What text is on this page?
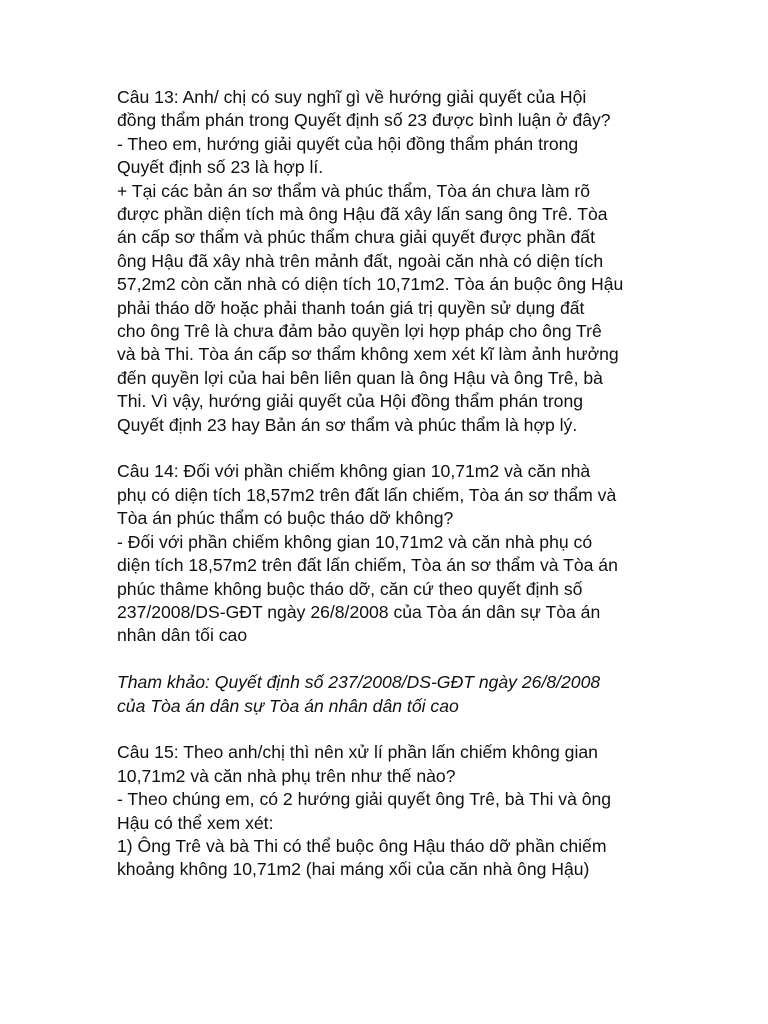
Câu 13: Anh/ chị có suy nghĩ gì về hướng giải quyết của Hội
đồng thẩm phán trong Quyết định số 23 được bình luận ở đây?
- Theo em, hướng giải quyết của hội đồng thẩm phán trong
Quyết định số 23 là hợp lí.
+ Tại các bản án sơ thẩm và phúc thẩm, Tòa án chưa làm rõ
được phần diện tích mà ông Hậu đã xây lấn sang ông Trê. Tòa
án cấp sơ thẩm và phúc thẩm chưa giải quyết được phần đất
ông Hậu đã xây nhà trên mảnh đất, ngoài căn nhà có diện tích
57,2m2 còn căn nhà có diện tích 10,71m2. Tòa án buộc ông Hậu
phải tháo dỡ hoặc phải thanh toán giá trị quyền sử dụng đất
cho ông Trê là chưa đảm bảo quyền lợi hợp pháp cho ông Trê
và bà Thi. Tòa án cấp sơ thẩm không xem xét kĩ làm ảnh hưởng
đến quyền lợi của hai bên liên quan là ông Hậu và ông Trê, bà
Thi. Vì vậy, hướng giải quyết của Hội đồng thẩm phán trong
Quyết định 23 hay Bản án sơ thẩm và phúc thẩm là hợp lý.
Câu 14: Đối với phần chiếm không gian 10,71m2 và căn nhà
phụ có diện tích 18,57m2 trên đất lấn chiếm, Tòa án sơ thẩm và
Tòa án phúc thẩm có buộc tháo dỡ không?
- Đối với phần chiếm không gian 10,71m2 và căn nhà phụ có
diện tích 18,57m2 trên đất lấn chiếm, Tòa án sơ thẩm và Tòa án
phúc thâme không buộc tháo dỡ, căn cứ theo quyết định số
237/2008/DS-GĐT ngày 26/8/2008 của Tòa án dân sự Tòa án
nhân dân tối cao
Tham khảo: Quyết định số 237/2008/DS-GĐT ngày 26/8/2008
của Tòa án dân sự Tòa án nhân dân tối cao
Câu 15: Theo anh/chị thì nên xử lí phần lấn chiếm không gian
10,71m2 và căn nhà phụ trên như thế nào?
- Theo chúng em, có 2 hướng giải quyết ông Trê, bà Thi và ông
Hậu có thể xem xét:
1) Ông Trê và bà Thi có thể buộc ông Hậu tháo dỡ phần chiếm
khoảng không 10,71m2 (hai máng xối của căn nhà ông Hậu)
